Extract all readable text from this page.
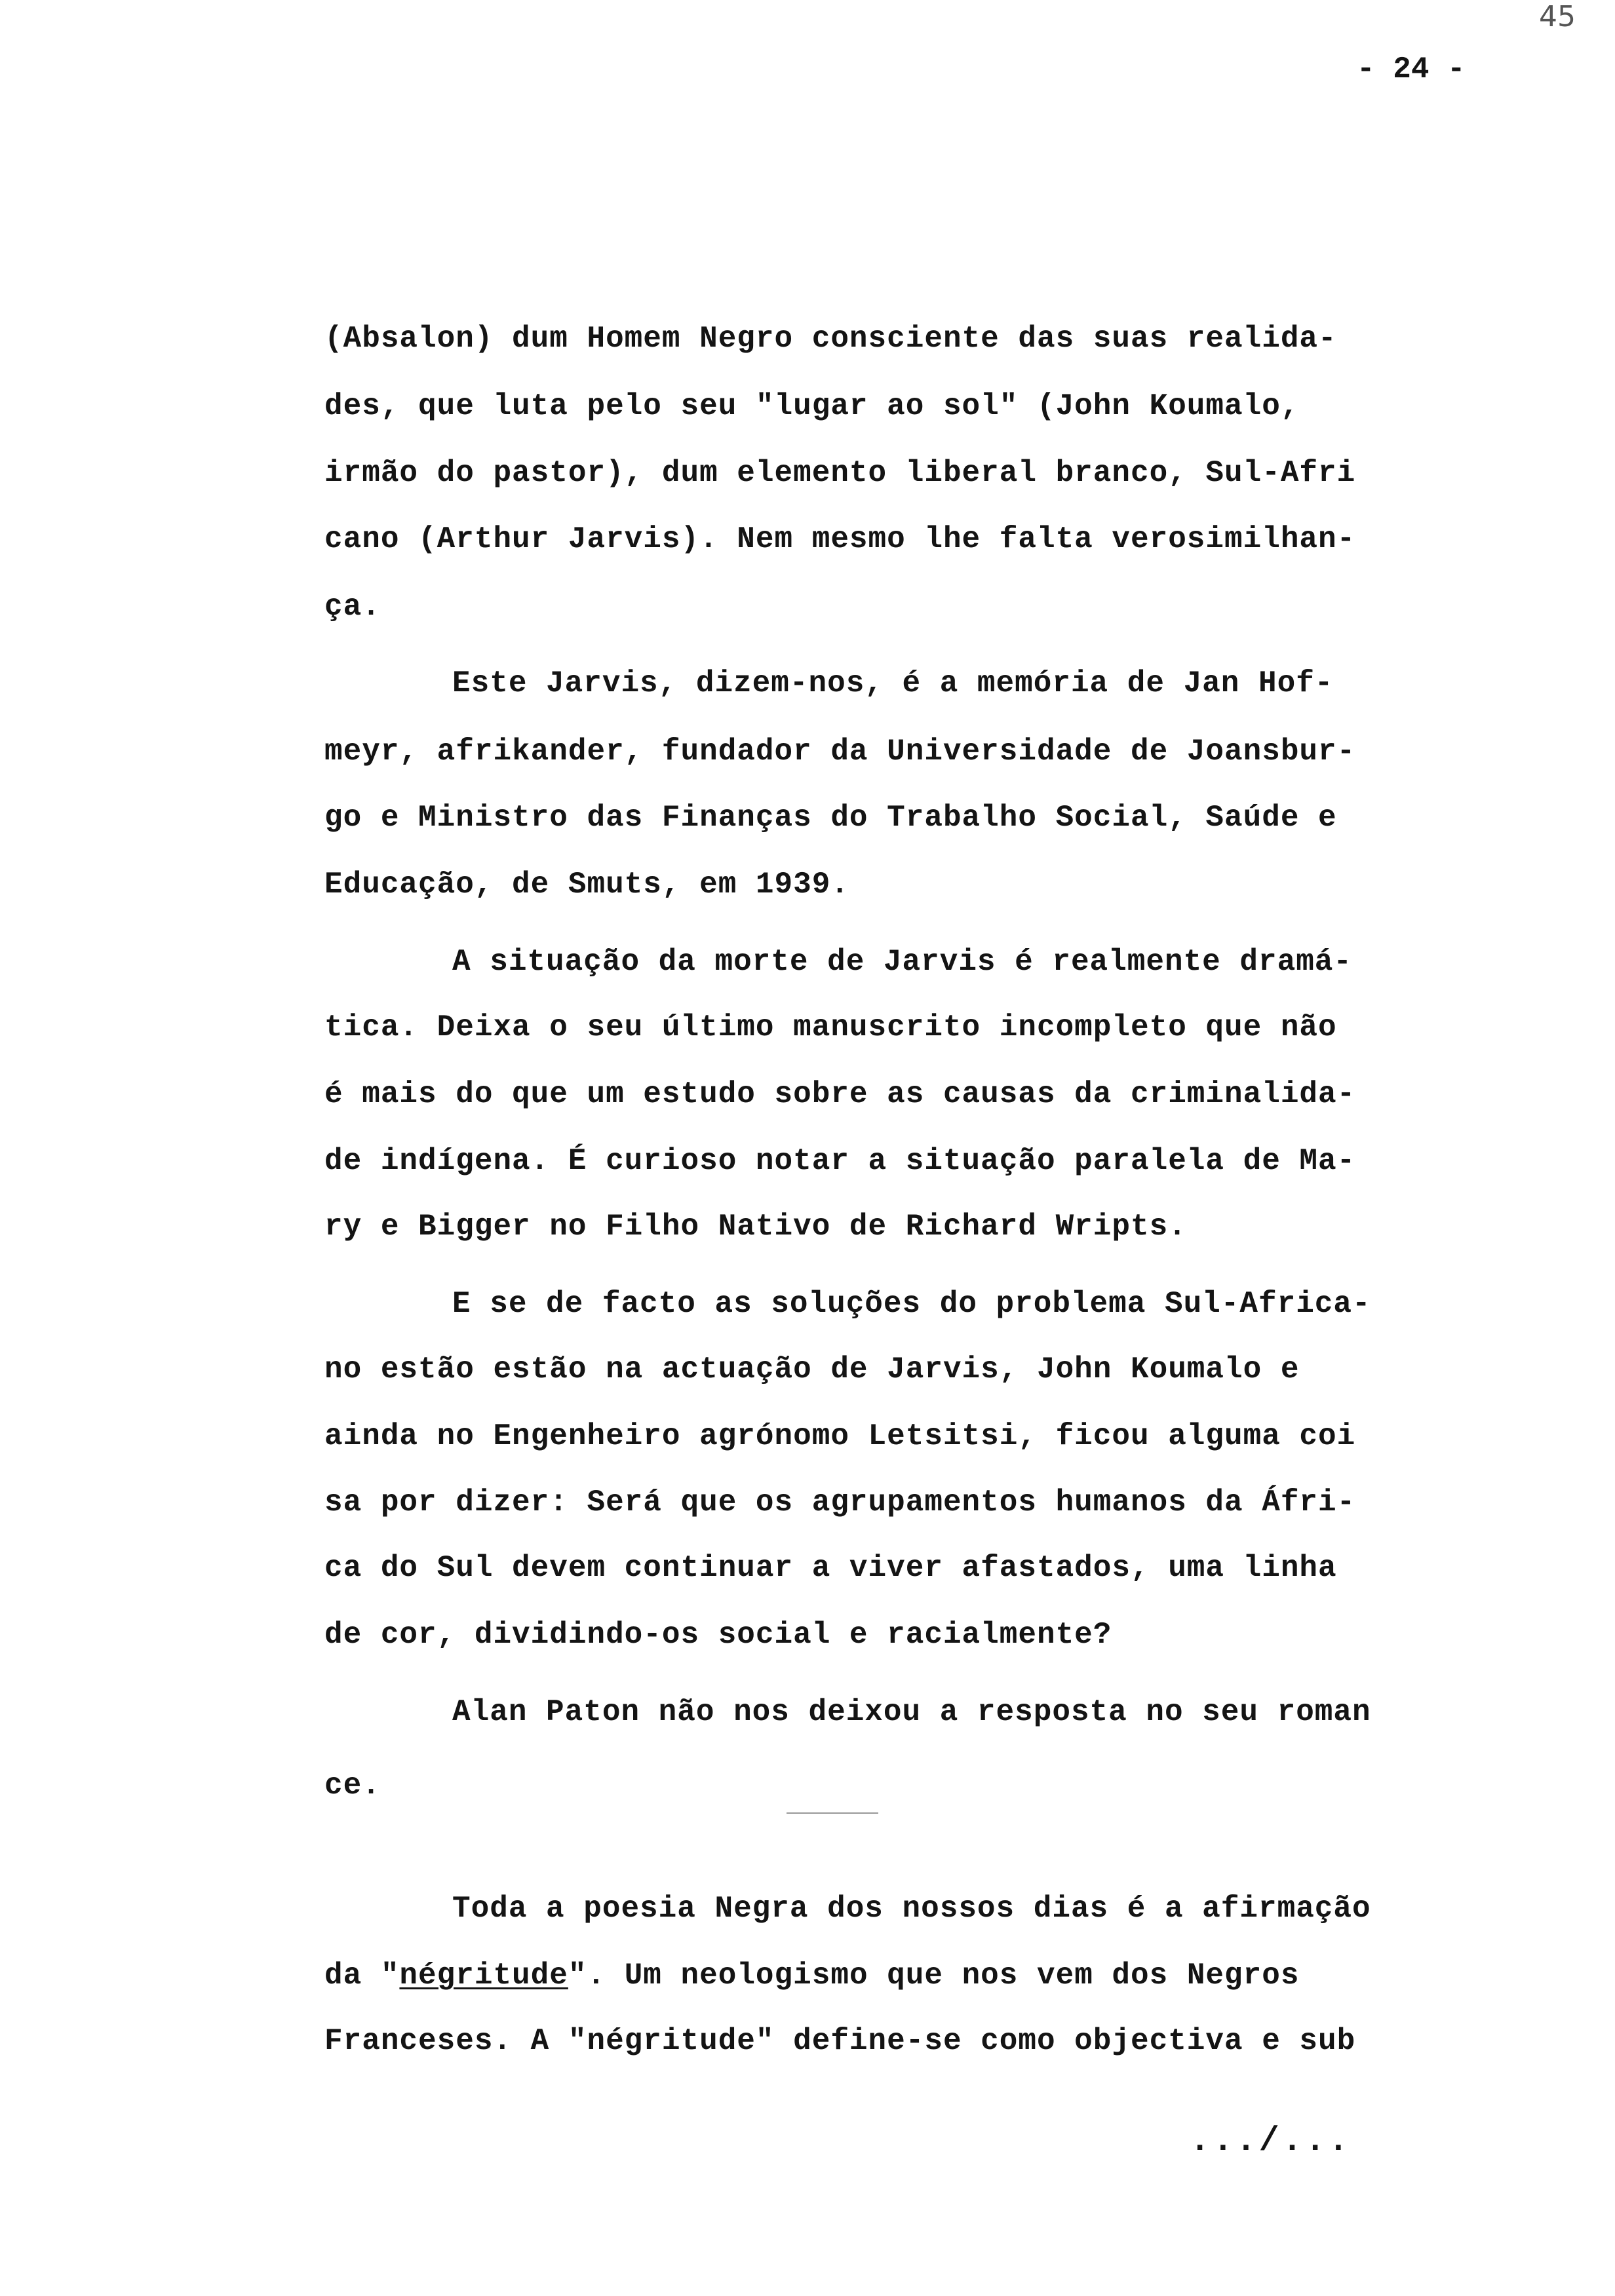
45
- 24 -
(Absalon) dum Homem Negro consciente das suas realida-
des, que luta pelo seu "lugar ao sol" (John Koumalo,
irmão do pastor), dum elemento liberal branco, Sul-Afri
cano (Arthur Jarvis). Nem mesmo lhe falta verosimilhan-
ça.
Este Jarvis, dizem-nos, é a memória de Jan Hof-
meyr, afrikander, fundador da Universidade de Joansbur-
go e Ministro das Finanças do Trabalho Social, Saúde e
Educação, de Smuts, em 1939.
A situação da morte de Jarvis é realmente dramá-
tica. Deixa o seu último manuscrito incompleto que não
é mais do que um estudo sobre as causas da criminalida-
de indígena. É curioso notar a situação paralela de Ma-
ry e Bigger no Filho Nativo de Richard Wripts.
E se de facto as soluções do problema Sul-Africa-
no estão estão na actuação de Jarvis, John Koumalo e
ainda no Engenheiro agrónomo Letsitsi, ficou alguma coi
sa por dizer: Será que os agrupamentos humanos da Áfri-
ca do Sul devem continuar a viver afastados, uma linha
de cor, dividindo-os social e racialmente?
Alan Paton não nos deixou a resposta no seu roman
ce.
Toda a poesia Negra dos nossos dias é a afirmação
da "négritude". Um neologismo que nos vem dos Negros
Franceses. A "négritude" define-se como objectiva e sub
.../...
